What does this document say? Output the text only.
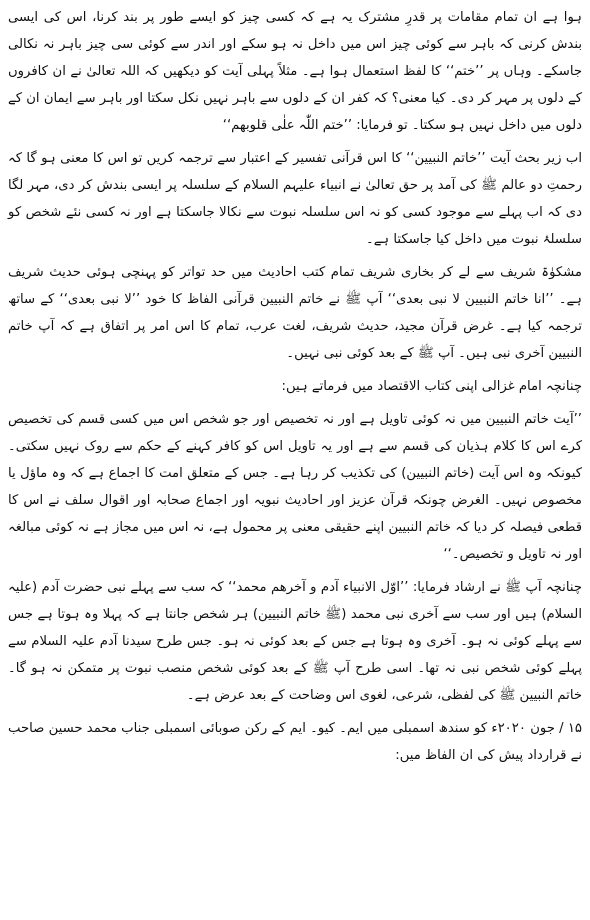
ہوا ہے ان تمام مقامات پر قدرِ مشترک یہ ہے کہ کسی چیز کو ایسے طور پر بند کرنا، اس کی ایسی بندش کرنی کہ باہر سے کوئی چیز اس میں داخل نہ ہو سکے اور اندر سے کوئی سی چیز باہر نہ نکالی جاسکے۔ وہاں پر ’’ختم‘‘ کا لفظ استعمال ہوا ہے۔ مثلاً پہلی آیت کو دیکھیں کہ اللہ تعالیٰ نے ان کافروں کے دلوں پر مہر کر دی۔ کیا معنی؟ کہ کفر ان کے دلوں سے باہر نہیں نکل سکتا اور باہر سے ایمان ان کے دلوں میں داخل نہیں ہو سکتا۔ تو فرمایا: ’’ختم اللّٰہ علٰی قلوبھم‘‘

اب زیر بحث آیت ’’خاتم النبیین‘‘ کا اس قرآنی تفسیر کے اعتبار سے ترجمہ کریں تو اس کا معنی ہو گا کہ رحمتِ دو عالم ﷺ کی آمد پر حق تعالیٰ نے انبیاء علیہم السلام کے سلسلہ پر ایسی بندش کر دی، مہر لگا دی کہ اب پہلے سے موجود کسی کو نہ اس سلسلہ نبوت سے نکالا جاسکتا ہے اور نہ کسی نئے شخص کو سلسلۂ نبوت میں داخل کیا جاسکتا ہے۔

مشکوٰۃ شریف سے لے کر بخاری شریف تمام کتب احادیث میں حد تواتر کو پہنچی ہوئی حدیث شریف ہے۔ ’’انا خاتم النبیین لا نبی بعدی‘‘ آپ ﷺ نے خاتم النبیین قرآنی الفاظ کا خود ’’لا نبی بعدی‘‘ کے ساتھ ترجمہ کیا ہے۔ غرض قرآن مجید، حدیث شریف، لغت عرب، تمام کا اس امر پر اتفاق ہے کہ آپ خاتم النبیین آخری نبی ہیں۔ آپ ﷺ کے بعد کوئی نبی نہیں۔

چنانچہ امام غزالی اپنی کتاب الاقتصاد میں فرماتے ہیں:

’’آیت خاتم النبیین میں نہ کوئی تاویل ہے اور نہ تخصیص اور جو شخص اس میں کسی قسم کی تخصیص کرے اس کا کلام ہذیان کی قسم سے ہے اور یہ تاویل اس کو کافر کہنے کے حکم سے روک نہیں سکتی۔ کیونکہ وہ اس آیت (خاتم النبیین) کی تکذیب کر رہا ہے۔ جس کے متعلق امت کا اجماع ہے کہ وہ ماؤل یا مخصوص نہیں۔ الغرض چونکہ قرآن عزیز اور احادیث نبویہ اور اجماع صحابہ اور اقوال سلف نے اس کا قطعی فیصلہ کر دیا کہ خاتم النبیین اپنے حقیقی معنی پر محمول ہے، نہ اس میں مجاز ہے نہ کوئی مبالغہ اور نہ تاویل و تخصیص۔‘‘

چنانچہ آپ ﷺ نے ارشاد فرمایا: ’’اوّل الانبیاء آدم و آخرھم محمد‘‘ کہ سب سے پہلے نبی حضرت آدم (علیہ السلام) ہیں اور سب سے آخری نبی محمد (ﷺ خاتم النبیین) ہر شخص جانتا ہے کہ پہلا وہ ہوتا ہے جس سے پہلے کوئی نہ ہو۔ آخری وہ ہوتا ہے جس کے بعد کوئی نہ ہو۔ جس طرح سیدنا آدم علیہ السلام سے پہلے کوئی شخص نبی نہ تھا۔ اسی طرح آپ ﷺ کے بعد کوئی شخص منصب نبوت پر متمکن نہ ہو گا۔ خاتم النبیین ﷺ کی لفظی، شرعی، لغوی اس وضاحت کے بعد عرض ہے۔

۱۵ / جون ۲۰۲۰ء کو سندھ اسمبلی میں ایم۔ کیو۔ ایم کے رکن صوبائی اسمبلی جناب محمد حسین صاحب نے قرارداد پیش کی ان الفاظ میں:
